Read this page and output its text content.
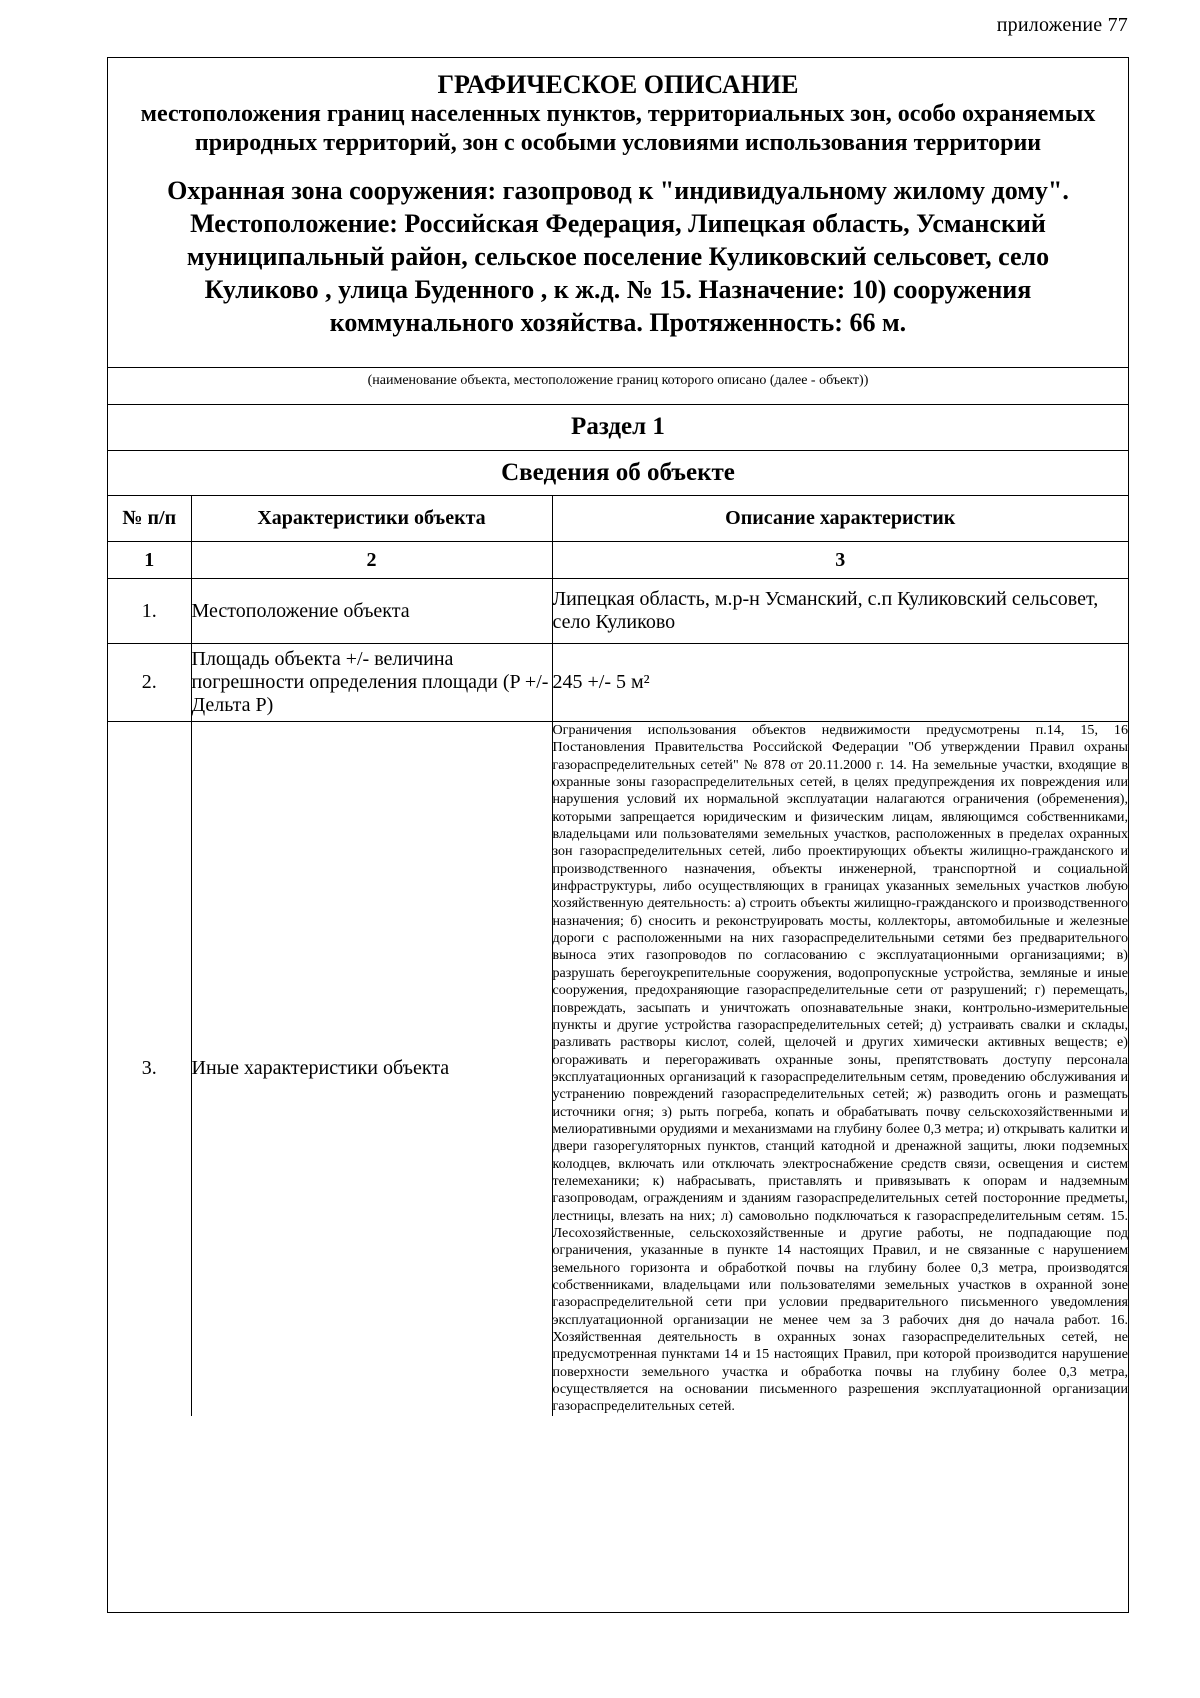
приложение 77
ГРАФИЧЕСКОЕ ОПИСАНИЕ
местоположения границ населенных пунктов, территориальных зон, особо охраняемых природных территорий, зон с особыми условиями использования территории
Охранная зона сооружения: газопровод к "индивидуальному жилому дому". Местоположение: Российская Федерация, Липецкая область, Усманский муниципальный район, сельское поселение Куликовский сельсовет, село Куликово , улица Буденного , к ж.д. № 15. Назначение: 10) сооружения коммунального хозяйства. Протяженность: 66 м.
(наименование объекта, местоположение границ которого описано (далее - объект))
Раздел 1
Сведения об объекте
№ п/п	Характеристики объекта	Описание характеристик
1	2	3
1.	Местоположение объекта	Липецкая область, м.р-н Усманский, с.п Куликовский сельсовет, село Куликово
2.	Площадь объекта +/- величина погрешности определения площади (P +/- Дельта P)	245 +/- 5 м²
3.	Иные характеристики объекта	Ограничения использования объектов недвижимости предусмотрены п.14, 15, 16 Постановления Правительства Российской Федерации "Об утверждении Правил охраны газораспределительных сетей" № 878 от 20.11.2000 г. 14. На земельные участки, входящие в охранные зоны газораспределительных сетей, в целях предупреждения их повреждения или нарушения условий их нормальной эксплуатации налагаются ограничения (обременения), которыми запрещается юридическим и физическим лицам, являющимся собственниками, владельцами или пользователями земельных участков, расположенных в пределах охранных зон газораспределительных сетей, либо проектирующих объекты жилищно-гражданского и производственного назначения, объекты инженерной, транспортной и социальной инфраструктуры, либо осуществляющих в границах указанных земельных участков любую хозяйственную деятельность: а) строить объекты жилищно-гражданского и производственного назначения; б) сносить и реконструировать мосты, коллекторы, автомобильные и железные дороги с расположенными на них газораспределительными сетями без предварительного выноса этих газопроводов по согласованию с эксплуатационными организациями; в) разрушать берегоукрепительные сооружения, водопропускные устройства, земляные и иные сооружения, предохраняющие газораспределительные сети от разрушений; г) перемещать, повреждать, засыпать и уничтожать опознавательные знаки, контрольно-измерительные пункты и другие устройства газораспределительных сетей; д) устраивать свалки и склады, разливать растворы кислот, солей, щелочей и других химически активных веществ; е) огораживать и перегораживать охранные зоны, препятствовать доступу персонала эксплуатационных организаций к газораспределительным сетям, проведению обслуживания и устранению повреждений газораспределительных сетей; ж) разводить огонь и размещать источники огня; з) рыть погреба, копать и обрабатывать почву сельскохозяйственными и мелиоративными орудиями и механизмами на глубину более 0,3 метра; и) открывать калитки и двери газорегуляторных пунктов, станций катодной и дренажной защиты, люки подземных колодцев, включать или отключать электроснабжение средств связи, освещения и систем телемеханики; к) набрасывать, приставлять и привязывать к опорам и надземным газопроводам, ограждениям и зданиям газораспределительных сетей посторонние предметы, лестницы, влезать на них; л) самовольно подключаться к газораспределительным сетям. 15. Лесохозяйственные, сельскохозяйственные и другие работы, не подпадающие под ограничения, указанные в пункте 14 настоящих Правил, и не связанные с нарушением земельного горизонта и обработкой почвы на глубину более 0,3 метра, производятся собственниками, владельцами или пользователями земельных участков в охранной зоне газораспределительной сети при условии предварительного письменного уведомления эксплуатационной организации не менее чем за 3 рабочих дня до начала работ. 16. Хозяйственная деятельность в охранных зонах газораспределительных сетей, не предусмотренная пунктами 14 и 15 настоящих Правил, при которой производится нарушение поверхности земельного участка и обработка почвы на глубину более 0,3 метра, осуществляется на основании письменного разрешения эксплуатационной организации газораспределительных сетей.
